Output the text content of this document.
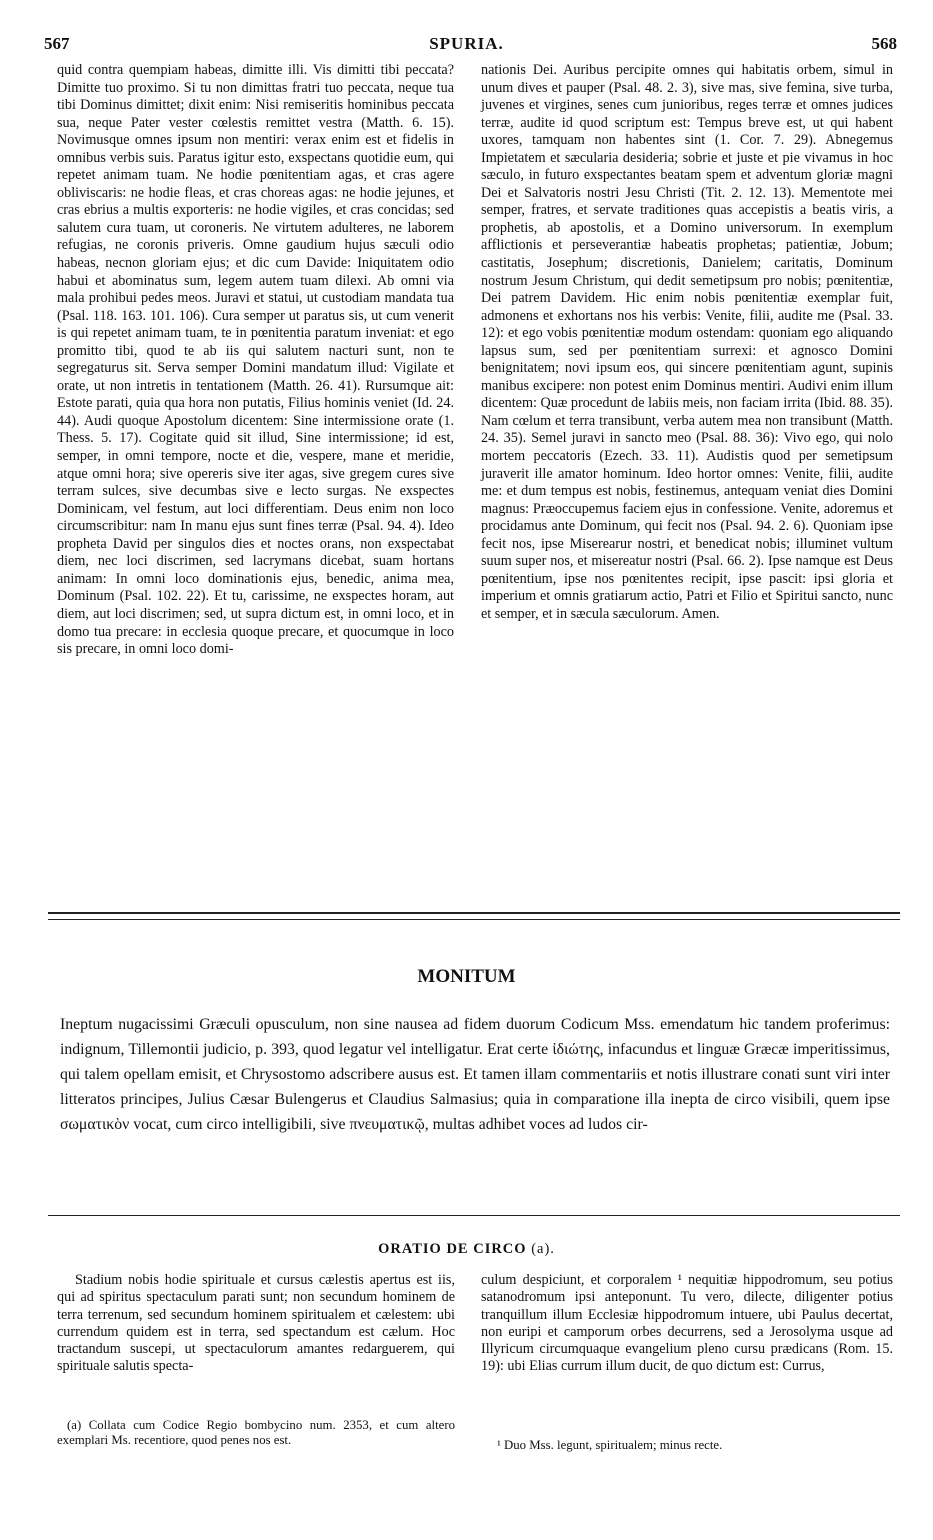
567	SPURIA.	568

quid contra quempiam habeas, dimitte illi. Vis dimitti tibi peccata? Dimitte tuo proximo. Si tu non dimittas fratri tuo peccata, neque tua tibi Dominus dimittet; dixit enim: Nisi remiseritis hominibus peccata sua, neque Pater vester cœlestis remittet vestra (Matth. 6. 15). Novimusque omnes ipsum non mentiri: verax enim est et fidelis in omnibus verbis suis. Paratus igitur esto, exspectans quotidie eum, qui repetet animam tuam. Ne hodie pœnitentiam agas, et cras agere obliviscaris: ne hodie fleas, et cras choreas agas: ne hodie jejunes, et cras ebrius a multis exporteris: ne hodie vigiles, et cras concidas; sed salutem cura tuam, ut coroneris. Ne virtutem adulteres, ne laborem refugias, ne coronis priveris. Omne gaudium hujus sæculi odio habeas, necnon gloriam ejus; et dic cum Davide: Iniquitatem odio habui et abominatus sum, legem autem tuam dilexi. Ab omni via mala prohibui pedes meos. Juravi et statui, ut custodiam mandata tua (Psal. 118. 163. 101. 106). Cura semper ut paratus sis, ut cum venerit is qui repetet animam tuam, te in pœnitentia paratum inveniat: et ego promitto tibi, quod te ab iis qui salutem nacturi sunt, non te segregaturus sit. Serva semper Domini mandatum illud: Vigilate et orate, ut non intretis in tentationem (Matth. 26. 41). Rursumque ait: Estote parati, quia qua hora non putatis, Filius hominis veniet (Id. 24. 44). Audi quoque Apostolum dicentem: Sine intermissione orate (1. Thess. 5. 17). Cogitate quid sit illud, Sine intermissione; id est, semper, in omni tempore, nocte et die, vespere, mane et meridie, atque omni hora; sive opereris sive iter agas, sive gregem cures sive terram sulces, sive decumbas sive e lecto surgas. Ne exspectes Dominicam, vel festum, aut loci differentiam. Deus enim non loco circumscribitur: nam In manu ejus sunt fines terræ (Psal. 94. 4). Ideo propheta David per singulos dies et noctes orans, non exspectabat diem, nec loci discrimen, sed lacrymans dicebat, suam hortans animam: In omni loco dominationis ejus, benedic, anima mea, Dominum (Psal. 102. 22). Et tu, carissime, ne exspectes horam, aut diem, aut loci discrimen; sed, ut supra dictum est, in omni loco, et in domo tua precare: in ecclesia quoque precare, et quocumque in loco sis precare, in omni loco domi-

nationis Dei. Auribus percipite omnes qui habitatis orbem, simul in unum dives et pauper (Psal. 48. 2. 3), sive mas, sive femina, sive turba, juvenes et virgines, senes cum junioribus, reges terræ et omnes judices terræ, audite id quod scriptum est: Tempus breve est, ut qui habent uxores, tamquam non habentes sint (1. Cor. 7. 29). Abnegemus Impietatem et sæcularia desideria; sobrie et juste et pie vivamus in hoc sæculo, in futuro exspectantes beatam spem et adventum gloriæ magni Dei et Salvatoris nostri Jesu Christi (Tit. 2. 12. 13). Mementote mei semper, fratres, et servate traditiones quas accepistis a beatis viris, a prophetis, ab apostolis, et a Domino universorum. In exemplum afflictionis et perseverantiæ habeatis prophetas; patientiæ, Jobum; castitatis, Josephum; discretionis, Danielem; caritatis, Dominum nostrum Jesum Christum, qui dedit semetipsum pro nobis; pœnitentiæ, Dei patrem Davidem. Hic enim nobis pœnitentiæ exemplar fuit, admonens et exhortans nos his verbis: Venite, filii, audite me (Psal. 33. 12): et ego vobis pœnitentiæ modum ostendam: quoniam ego aliquando lapsus sum, sed per pœnitentiam surrexi: et agnosco Domini benignitatem; novi ipsum eos, qui sincere pœnitentiam agunt, supinis manibus excipere: non potest enim Dominus mentiri. Audivi enim illum dicentem: Quæ procedunt de labiis meis, non faciam irrita (Ibid. 88. 35). Nam cœlum et terra transibunt, verba autem mea non transibunt (Matth. 24. 35). Semel juravi in sancto meo (Psal. 88. 36): Vivo ego, qui nolo mortem peccatoris (Ezech. 33. 11). Audistis quod per semetipsum juraverit ille amator hominum. Ideo hortor omnes: Venite, filii, audite me: et dum tempus est nobis, festinemus, antequam veniat dies Domini magnus: Præoccupemus faciem ejus in confessione. Venite, adoremus et procidamus ante Dominum, qui fecit nos (Psal. 94. 2. 6). Quoniam ipse fecit nos, ipse Miserearur nostri, et benedicat nobis; illuminet vultum suum super nos, et misereatur nostri (Psal. 66. 2). Ipse namque est Deus pœnitentium, ipse nos pœnitentes recipit, ipse pascit: ipsi gloria et imperium et omnis gratiarum actio, Patri et Filio et Spiritui sancto, nunc et semper, et in sæcula sæculorum. Amen.

MONITUM

Ineptum nugacissimi Græculi opusculum, non sine nausea ad fidem duorum Codicum Mss. emendatum hic tandem proferimus: indignum, Tillemontii judicio, p. 393, quod legatur vel intelligatur. Erat certe ἰδιώτης, infacundus et linguæ Græcæ imperitissimus, qui talem opellam emisit, et Chrysostomo adscribere ausus est. Et tamen illam commentariis et notis illustrare conati sunt viri inter litteratos principes, Julius Cæsar Bulengerus et Claudius Salmasius; quia in comparatione illa inepta de circo visibili, quem ipse σωματικὸν vocat, cum circo intelligibili, sive πνευματικῷ, multas adhibet voces ad ludos cir-

ORATIO DE CIRCO (a).

Stadium nobis hodie spirituale et cursus cælestis apertus est iis, qui ad spiritus spectaculum parati sunt; non secundum hominem de terra terrenum, sed secundum hominem spiritualem et cælestem: ubi currendum quidem est in terra, sed spectandum est cælum. Hoc tractandum suscepi, ut spectaculorum amantes redarguerem, qui spirituale salutis specta-

culum despiciunt, et corporalem ¹ nequitiæ hippodromum, seu potius satanodromum ipsi anteponunt. Tu vero, dilecte, diligenter potius tranquillum illum Ecclesiæ hippodromum intuere, ubi Paulus decertat, non euripi et camporum orbes decurrens, sed a Jerosolyma usque ad Illyricum circumquaque evangelium pleno cursu prædicans (Rom. 15. 19): ubi Elias currum illum ducit, de quo dictum est: Currus,

(a) Collata cum Codice Regio bombycino num. 2353, et cum altero exemplari Ms. recentiore, quod penes nos est.	¹ Duo Mss. legunt, spiritualem; minus recte.
